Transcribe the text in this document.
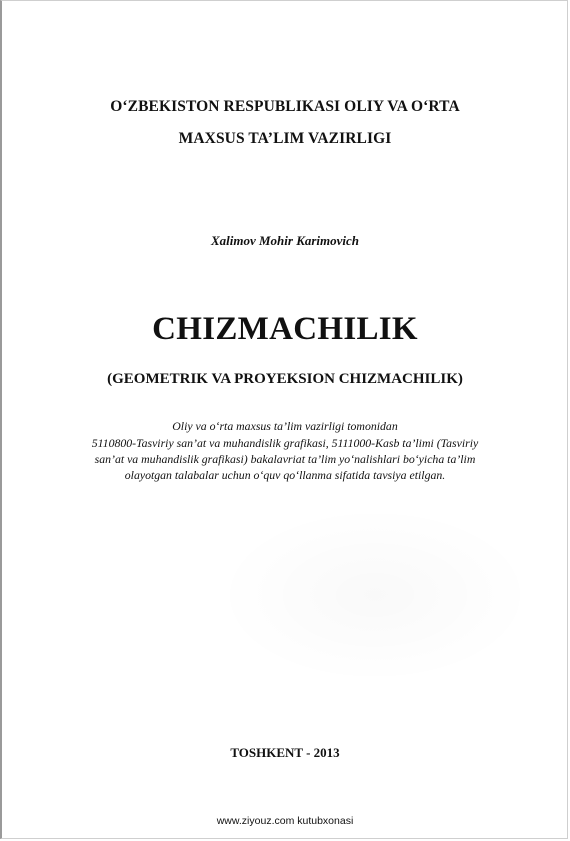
O‘ZBEKISTON RESPUBLIKASI OLIY VA O‘RTA
MAXSUS TA’LIM VAZIRLIGI
Xalimov Mohir Karimovich
CHIZMACHILIK
(GEOMETRIK VA PROYEKSION CHIZMACHILIK)
Oliy va o‘rta maxsus ta’lim vazirligi tomonidan
5110800-Tasviriy san’at va muhandislik grafikasi, 5111000-Kasb ta’limi (Tasviriy
san’at va muhandislik grafikasi) bakalavriat ta’lim yo‘nalishlari bo‘yicha ta’lim
olayotgan talabalar uchun o‘quv qo‘llanma sifatida tavsiya etilgan.
TOSHKENT - 2013
www.ziyouz.com kutubxonasi
